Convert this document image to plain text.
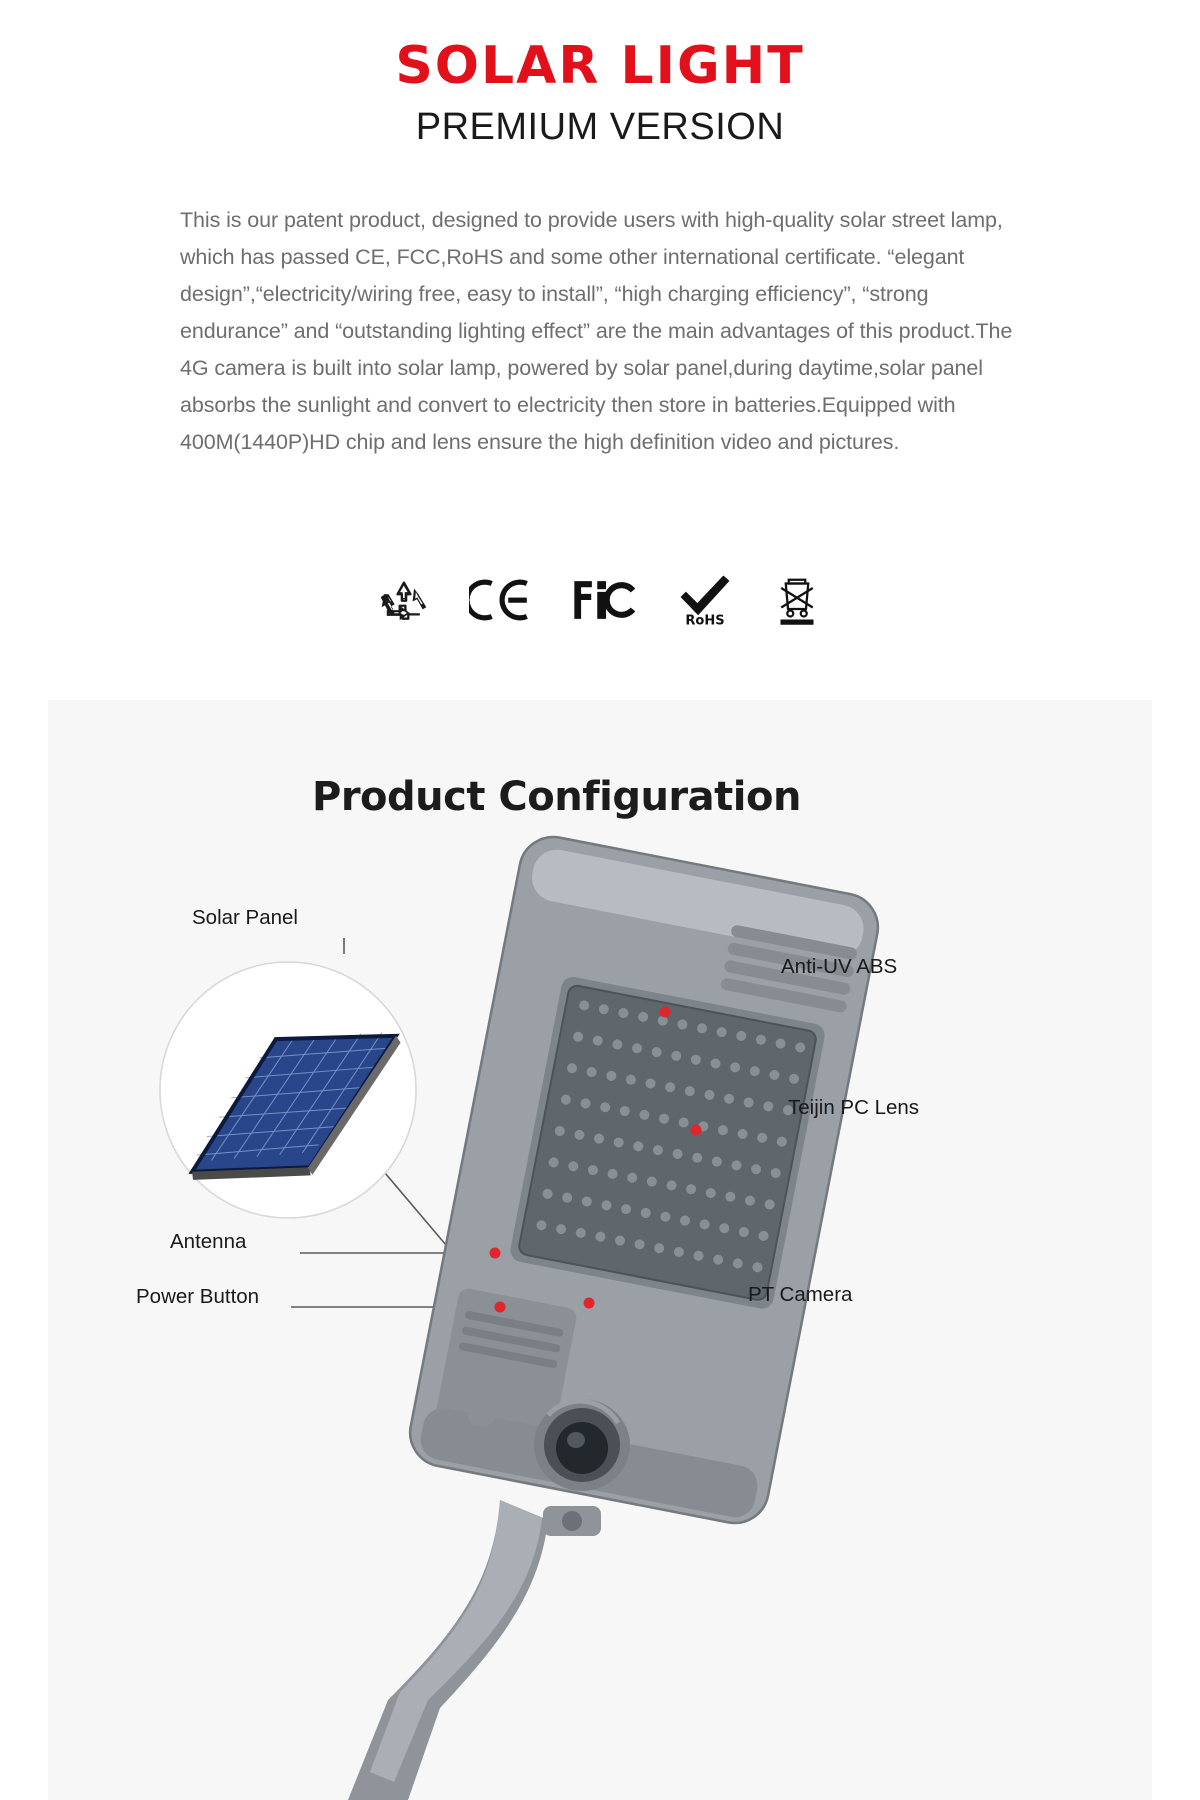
SOLAR LIGHT
PREMIUM VERSION

This is our patent product, designed to provide users with high-quality solar street lamp, which has passed CE, FCC,RoHS and some other international certificate. “elegant design”,“electricity/wiring free, easy to install”, “high charging efficiency”, “strong endurance” and “outstanding lighting effect” are the main advantages of this product.The 4G camera is built into solar lamp, powered by solar panel,during daytime,solar panel absorbs the sunlight and convert to electricity then store in batteries.Equipped with 400M(1440P)HD chip and lens ensure the high definition video and pictures.

RoHS
Product Configuration
Solar Panel
Anti-UV ABS
Teijin PC Lens
PT Camera
Antenna
Power Button
